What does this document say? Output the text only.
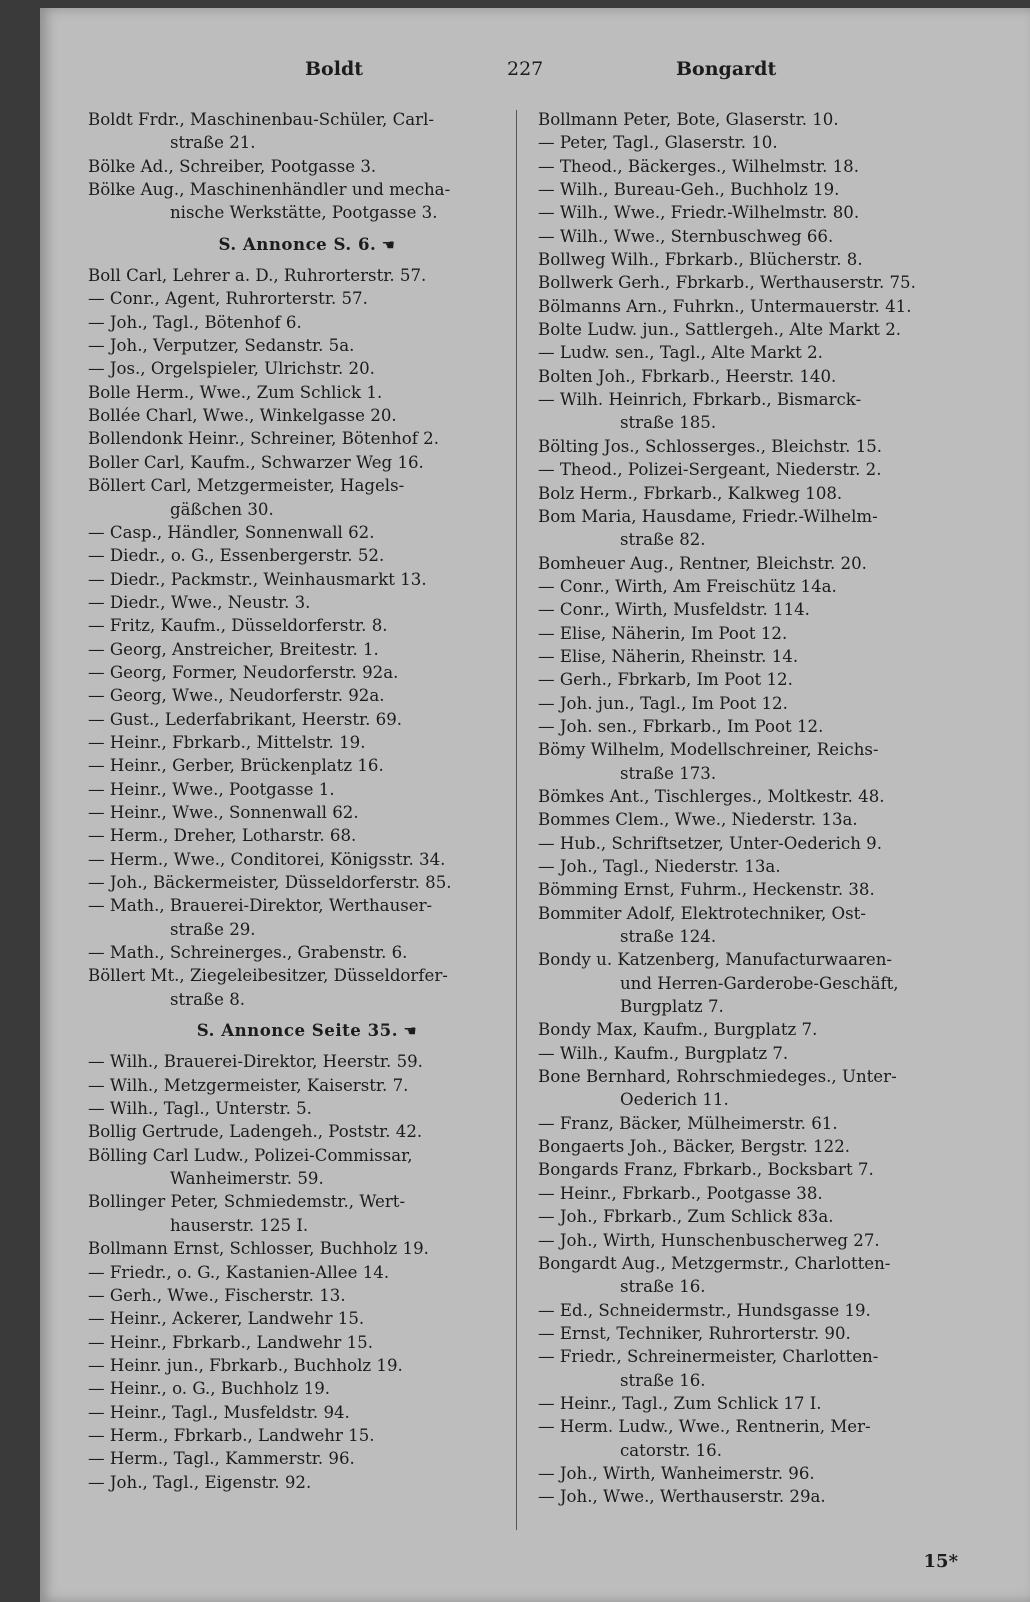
Boldt	227	Bongardt
Boldt Frdr., Maschinenbau-Schüler, Carl-
straße 21.
Bölke Ad., Schreiber, Pootgasse 3.
Bölke Aug., Maschinenhändler und mecha-
nische Werkstätte, Pootgasse 3.
S. Annonce S. 6. ☚
Boll Carl, Lehrer a. D., Ruhrorterstr. 57.
— Conr., Agent, Ruhrorterstr. 57.
— Joh., Tagl., Bötenhof 6.
— Joh., Verputzer, Sedanstr. 5a.
— Jos., Orgelspieler, Ulrichstr. 20.
Bolle Herm., Wwe., Zum Schlick 1.
Bollée Charl, Wwe., Winkelgasse 20.
Bollendonk Heinr., Schreiner, Bötenhof 2.
Boller Carl, Kaufm., Schwarzer Weg 16.
Böllert Carl, Metzgermeister, Hagels-
gäßchen 30.
— Casp., Händler, Sonnenwall 62.
— Diedr., o. G., Essenbergerstr. 52.
— Diedr., Packmstr., Weinhausmarkt 13.
— Diedr., Wwe., Neustr. 3.
— Fritz, Kaufm., Düsseldorferstr. 8.
— Georg, Anstreicher, Breitestr. 1.
— Georg, Former, Neudorferstr. 92a.
— Georg, Wwe., Neudorferstr. 92a.
— Gust., Lederfabrikant, Heerstr. 69.
— Heinr., Fbrkarb., Mittelstr. 19.
— Heinr., Gerber, Brückenplatz 16.
— Heinr., Wwe., Pootgasse 1.
— Heinr., Wwe., Sonnenwall 62.
— Herm., Dreher, Lotharstr. 68.
— Herm., Wwe., Conditorei, Königsstr. 34.
— Joh., Bäckermeister, Düsseldorferstr. 85.
— Math., Brauerei-Direktor, Werthauser-
straße 29.
— Math., Schreinerges., Grabenstr. 6.
Böllert Mt., Ziegeleibesitzer, Düsseldorfer-
straße 8.
S. Annonce Seite 35. ☚
— Wilh., Brauerei-Direktor, Heerstr. 59.
— Wilh., Metzgermeister, Kaiserstr. 7.
— Wilh., Tagl., Unterstr. 5.
Bollig Gertrude, Ladengeh., Poststr. 42.
Bölling Carl Ludw., Polizei-Commissar,
Wanheimerstr. 59.
Bollinger Peter, Schmiedemstr., Wert-
hauserstr. 125 I.
Bollmann Ernst, Schlosser, Buchholz 19.
— Friedr., o. G., Kastanien-Allee 14.
— Gerh., Wwe., Fischerstr. 13.
— Heinr., Ackerer, Landwehr 15.
— Heinr., Fbrkarb., Landwehr 15.
— Heinr. jun., Fbrkarb., Buchholz 19.
— Heinr., o. G., Buchholz 19.
— Heinr., Tagl., Musfeldstr. 94.
— Herm., Fbrkarb., Landwehr 15.
— Herm., Tagl., Kammerstr. 96.
— Joh., Tagl., Eigenstr. 92.
Bollmann Peter, Bote, Glaserstr. 10.
— Peter, Tagl., Glaserstr. 10.
— Theod., Bäckerges., Wilhelmstr. 18.
— Wilh., Bureau-Geh., Buchholz 19.
— Wilh., Wwe., Friedr.-Wilhelmstr. 80.
— Wilh., Wwe., Sternbuschweg 66.
Bollweg Wilh., Fbrkarb., Blücherstr. 8.
Bollwerk Gerh., Fbrkarb., Werthauserstr. 75.
Bölmanns Arn., Fuhrkn., Untermauerstr. 41.
Bolte Ludw. jun., Sattlergeh., Alte Markt 2.
— Ludw. sen., Tagl., Alte Markt 2.
Bolten Joh., Fbrkarb., Heerstr. 140.
— Wilh. Heinrich, Fbrkarb., Bismarck-
straße 185.
Bölting Jos., Schlosserges., Bleichstr. 15.
— Theod., Polizei-Sergeant, Niederstr. 2.
Bolz Herm., Fbrkarb., Kalkweg 108.
Bom Maria, Hausdame, Friedr.-Wilhelm-
straße 82.
Bomheuer Aug., Rentner, Bleichstr. 20.
— Conr., Wirth, Am Freischütz 14a.
— Conr., Wirth, Musfeldstr. 114.
— Elise, Näherin, Im Poot 12.
— Elise, Näherin, Rheinstr. 14.
— Gerh., Fbrkarb, Im Poot 12.
— Joh. jun., Tagl., Im Poot 12.
— Joh. sen., Fbrkarb., Im Poot 12.
Bömy Wilhelm, Modellschreiner, Reichs-
straße 173.
Bömkes Ant., Tischlerges., Moltkestr. 48.
Bommes Clem., Wwe., Niederstr. 13a.
— Hub., Schriftsetzer, Unter-Oederich 9.
— Joh., Tagl., Niederstr. 13a.
Bömming Ernst, Fuhrm., Heckenstr. 38.
Bommiter Adolf, Elektrotechniker, Ost-
straße 124.
Bondy u. Katzenberg, Manufacturwaaren-
und Herren-Garderobe-Geschäft, Burgplatz 7.
Bondy Max, Kaufm., Burgplatz 7.
— Wilh., Kaufm., Burgplatz 7.
Bone Bernhard, Rohrschmiedeges., Unter-
Oederich 11.
— Franz, Bäcker, Mülheimerstr. 61.
Bongaerts Joh., Bäcker, Bergstr. 122.
Bongards Franz, Fbrkarb., Bocksbart 7.
— Heinr., Fbrkarb., Pootgasse 38.
— Joh., Fbrkarb., Zum Schlick 83a.
— Joh., Wirth, Hunschenbuscherweg 27.
Bongardt Aug., Metzgermstr., Charlotten-
straße 16.
— Ed., Schneidermstr., Hundsgasse 19.
— Ernst, Techniker, Ruhrorterstr. 90.
— Friedr., Schreinermeister, Charlotten-
straße 16.
— Heinr., Tagl., Zum Schlick 17 I.
— Herm. Ludw., Wwe., Rentnerin, Mer-
catorstr. 16.
— Joh., Wirth, Wanheimerstr. 96.
— Joh., Wwe., Werthauserstr. 29a.
15*
